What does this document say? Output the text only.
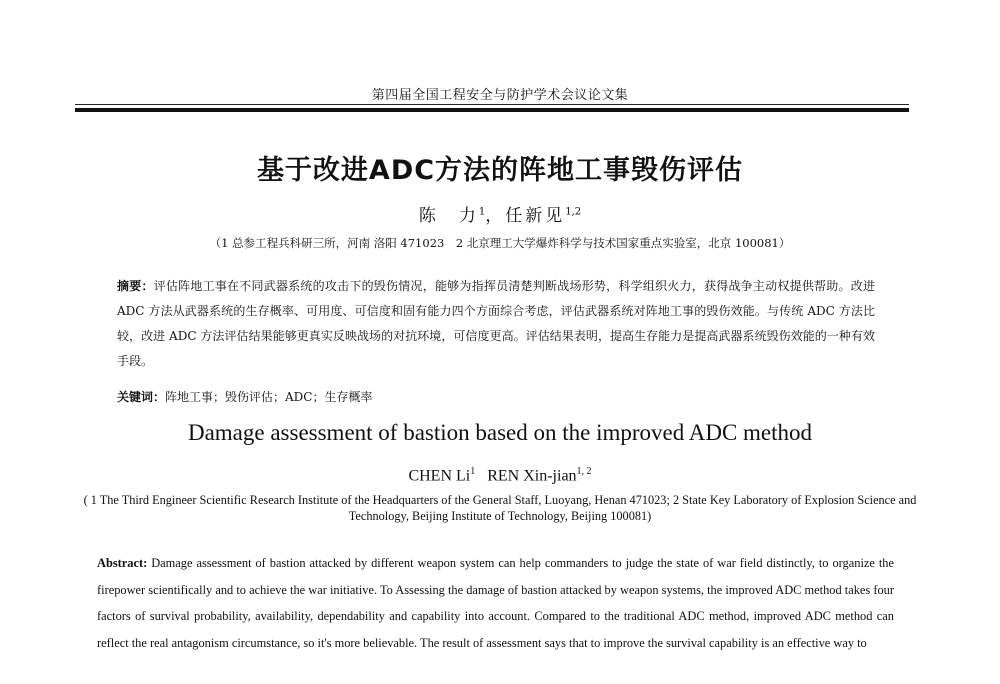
第四届全国工程安全与防护学术会议论文集
基于改进ADC方法的阵地工事毁伤评估
陈　力$^1$，任新见$^{1,2}$
（1 总参工程兵科研三所，河南 洛阳 471023　2 北京理工大学爆炸科学与技术国家重点实验室，北京 100081）
摘要：评估阵地工事在不同武器系统的攻击下的毁伤情况，能够为指挥员清楚判断战场形势，科学组织火力，获得战争主动权提供帮助。改进 ADC 方法从武器系统的生存概率、可用度、可信度和固有能力四个方面综合考虑，评估武器系统对阵地工事的毁伤效能。与传统 ADC 方法比较，改进 ADC 方法评估结果能够更真实反映战场的对抗环境，可信度更高。评估结果表明，提高生存能力是提高武器系统毁伤效能的一种有效手段。
关键词：阵地工事；毁伤评估；ADC；生存概率
Damage assessment of bastion based on the improved ADC method
CHEN Li$^1$ REN Xin-jian$^{1, 2}$
( 1 The Third Engineer Scientific Research Institute of the Headquarters of the General Staff, Luoyang, Henan 471023; 2 State Key Laboratory of Explosion Science and Technology, Beijing Institute of Technology, Beijing 100081)
Abstract: Damage assessment of bastion attacked by different weapon system can help commanders to judge the state of war field distinctly, to organize the firepower scientifically and to achieve the war initiative. To Assessing the damage of bastion attacked by weapon systems, the improved ADC method takes four factors of survival probability, availability, dependability and capability into account. Compared to the traditional ADC method, improved ADC method can reflect the real antagonism circumstance, so it's more believable. The result of assessment says that to improve the survival capability is an effective way to
